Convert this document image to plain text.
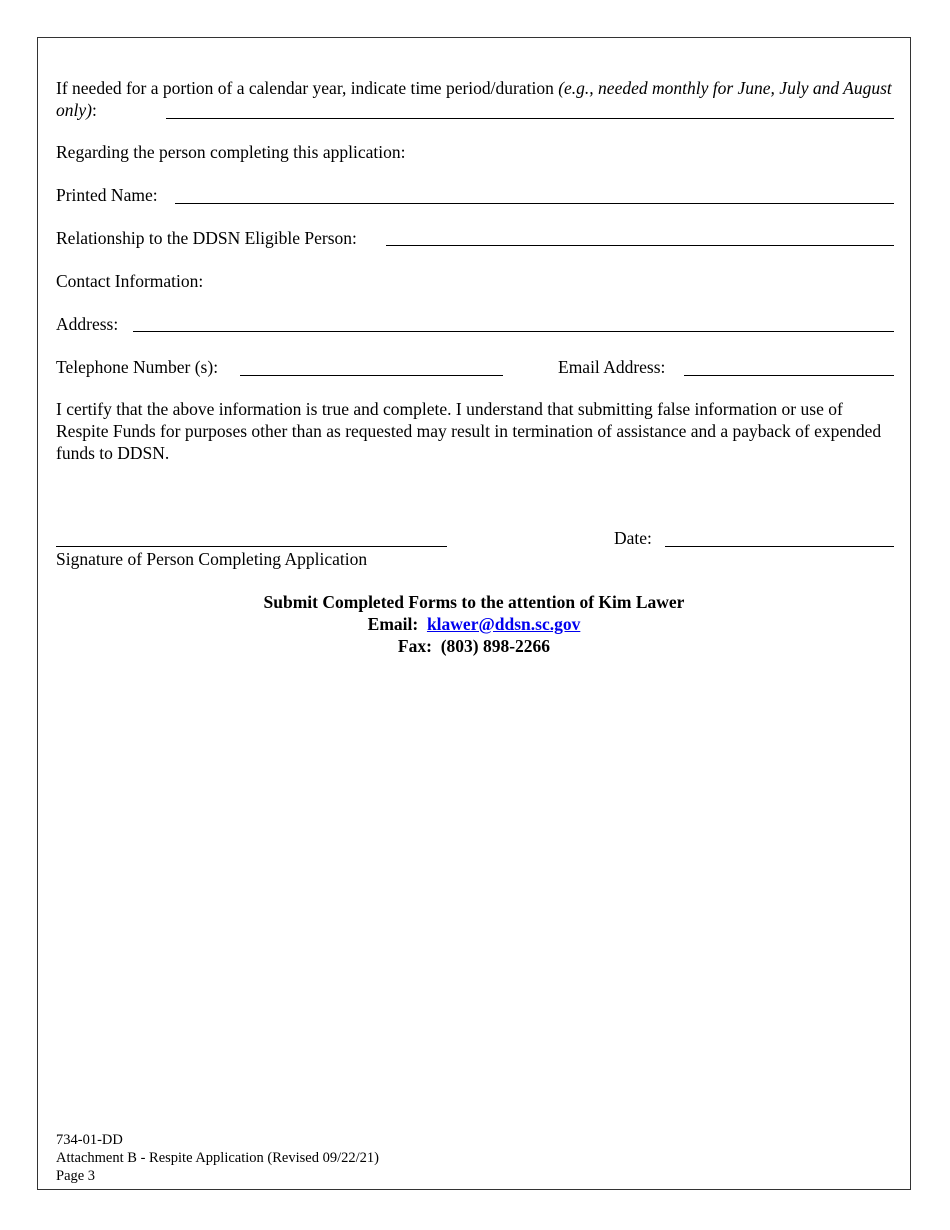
If needed for a portion of a calendar year, indicate time period/duration (e.g., needed monthly for June, July and August only):
Regarding the person completing this application:
Printed Name:
Relationship to the DDSN Eligible Person:
Contact Information:
Address:
Telephone Number (s):	Email Address:
I certify that the above information is true and complete. I understand that submitting false information or use of Respite Funds for purposes other than as requested may result in termination of assistance and a payback of expended funds to DDSN.
Date:
Signature of Person Completing Application
Submit Completed Forms to the attention of Kim Lawer
Email: klawer@ddsn.sc.gov
Fax: (803) 898-2266
734-01-DD
Attachment B - Respite Application (Revised 09/22/21)
Page 3
